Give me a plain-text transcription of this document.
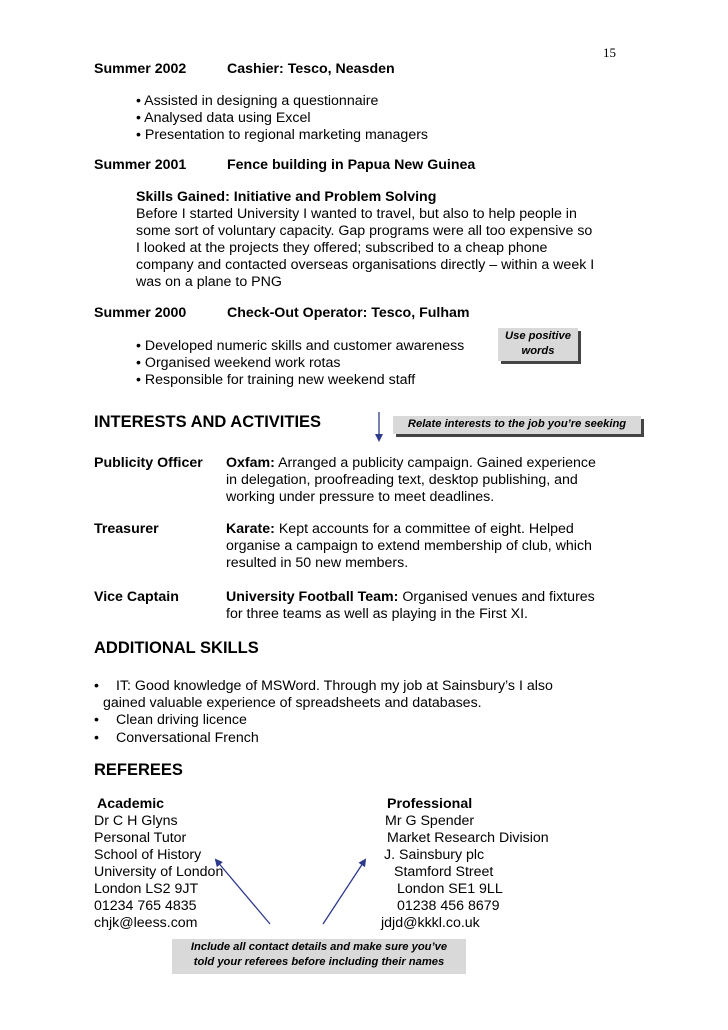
15
Summer 2002	Cashier: Tesco, Neasden
• Assisted in designing a questionnaire
• Analysed data using Excel
• Presentation to regional marketing managers
Summer 2001	Fence building in Papua New Guinea
Skills Gained: Initiative and Problem Solving
Before I started University I wanted to travel, but also to help people in
some sort of voluntary capacity. Gap programs were all too expensive so
I looked at the projects they offered; subscribed to a cheap phone
company and contacted overseas organisations directly – within a week I
was on a plane to PNG
Summer 2000	Check-Out Operator: Tesco, Fulham
• Developed numeric skills and customer awareness
• Organised weekend work rotas
• Responsible for training new weekend staff
Use positive
words
INTERESTS AND ACTIVITIES	Relate interests to the job you’re seeking
Publicity Officer Oxfam: Arranged a publicity campaign. Gained experience
in delegation, proofreading text, desktop publishing, and
working under pressure to meet deadlines.
Treasurer	Karate: Kept accounts for a committee of eight. Helped
organise a campaign to extend membership of club, which
resulted in 50 new members.
Vice Captain	University Football Team: Organised venues and fixtures
for three teams as well as playing in the First XI.
ADDITIONAL SKILLS
• IT: Good knowledge of MSWord. Through my job at Sainsbury’s I also
gained valuable experience of spreadsheets and databases.
• Clean driving licence
• Conversational French
REFEREES
Academic
Dr C H Glyns
Personal Tutor
School of History
University of London
London LS2 9JT
01234 765 4835
chjk@leess.com
Professional
Mr G Spender
Market Research Division
J. Sainsbury plc
Stamford Street
London SE1 9LL
01238 456 8679
jdjd@kkkl.co.uk
Include all contact details and make sure you’ve
told your referees before including their names
